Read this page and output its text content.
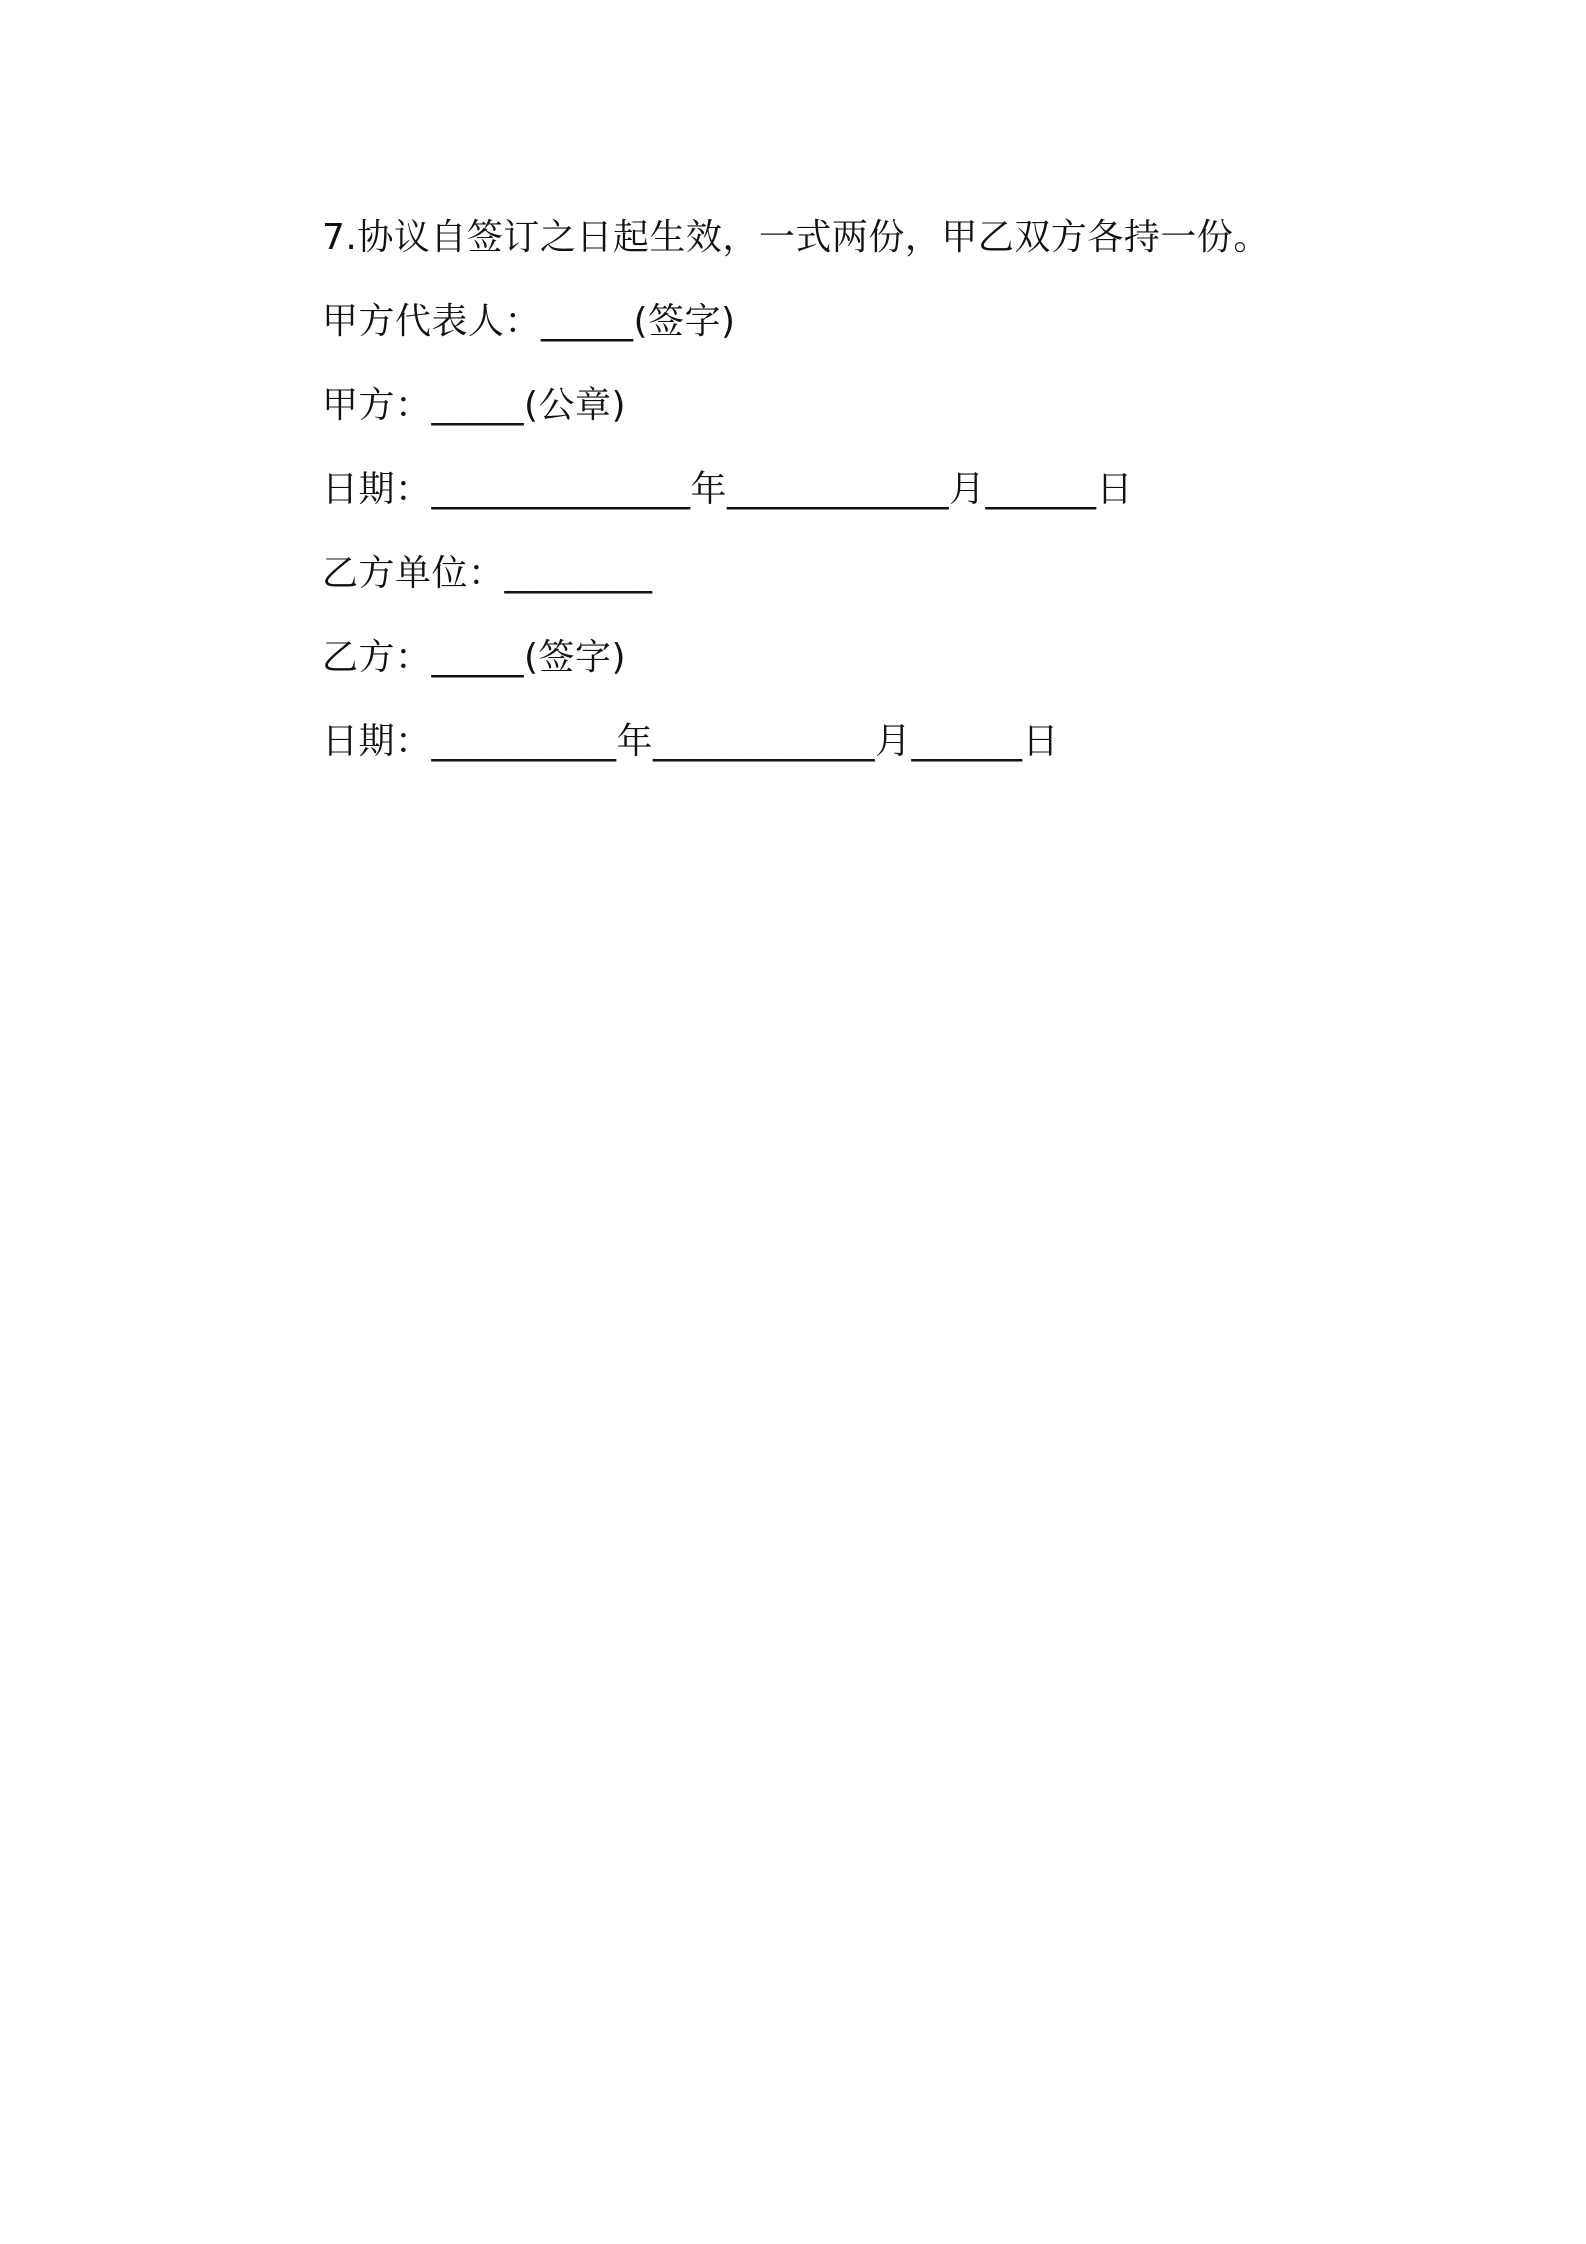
7.协议自签订之日起生效，一式两份，甲乙双方各持一份。
甲方代表人：_____(签字)
甲方：_____(公章)
日期：______________年____________月______日
乙方单位：________
乙方：_____(签字)
日期：__________年____________月______日
